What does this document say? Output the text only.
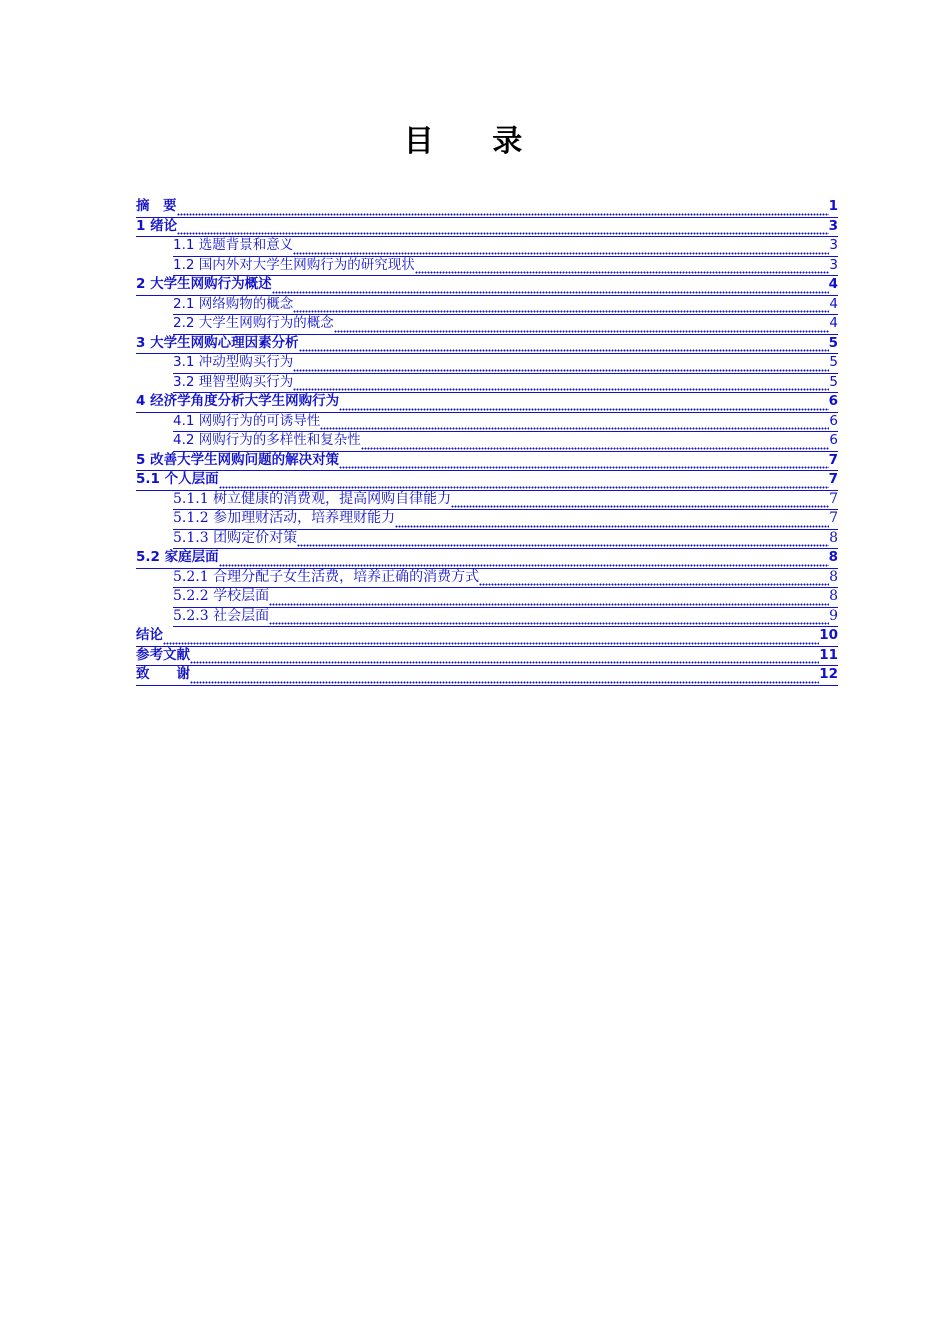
目 录
摘　要	1
1 绪论	3
1.1 选题背景和意义	3
1.2 国内外对大学生网购行为的研究现状	3
2 大学生网购行为概述	4
2.1 网络购物的概念	4
2.2 大学生网购行为的概念	4
3 大学生网购心理因素分析	5
3.1 冲动型购买行为	5
3.2 理智型购买行为	5
4 经济学角度分析大学生网购行为	6
4.1 网购行为的可诱导性	6
4.2 网购行为的多样性和复杂性	6
5 改善大学生网购问题的解决对策	7
5.1 个人层面	7
5.1.1 树立健康的消费观，提高网购自律能力	7
5.1.2 参加理财活动，培养理财能力	7
5.1.3 团购定价对策	8
5.2 家庭层面	8
5.2.1 合理分配子女生活费，培养正确的消费方式	8
5.2.2 学校层面	8
5.2.3 社会层面	9
结论	10
参考文献	11
致　　谢	12
